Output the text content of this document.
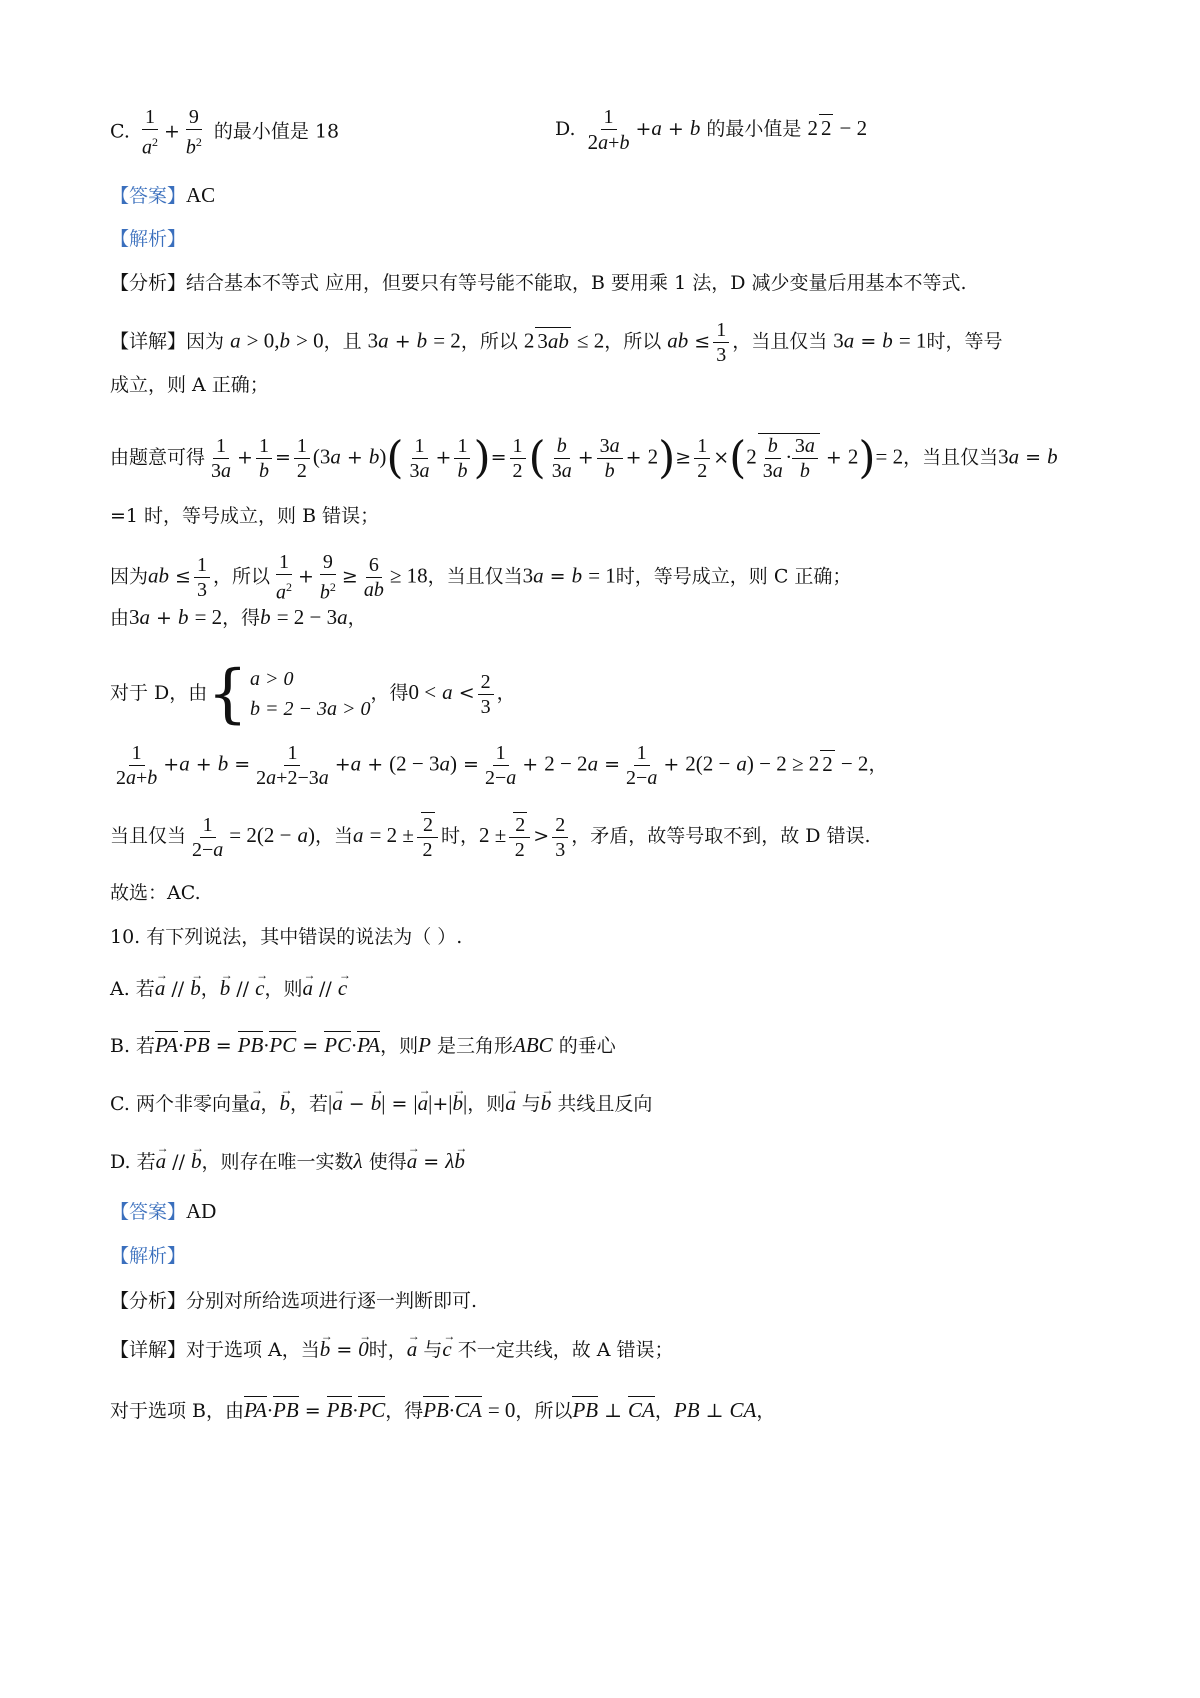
C. $\frac{1}{a^2} + \frac{9}{b^2}$ 的最小值是 18	D. $\frac{1}{2a+b} +a + b$ 的最小值是 2 2 − 2
【答案】AC
【解析】
【分析】结合基本不等式 应用，但要只有等号能不能取，B 要用乘 1 法，D 减少变量后用基本不等式.
【详解】因为 a > 0,b > 0，且 3a + b = 2，所以 2 3ab ≤ 2，所以 ab ≤ $\frac{1}{3}$ ，当且仅当 3a = b = 1时，等号
成立，则 A 正确；
由题意可得 $\frac{1}{3a} + \frac{1}{b} = \frac{1}{2} (3a + b)( \frac{1}{3a} + \frac{1}{b}$ )= $\frac{1}{2}$ ( $\frac{b}{3a} + \frac{3a}{b} + 2)\ge \frac{1}{2} \times(2 \frac{b}{3a} \cdot \frac{3a}{b} + 2)= 2$，当且仅当3a = b
=1 时，等号成立，则 B 错误；
因为ab ≤ $\frac{1}{3}$ ，所以 $\frac{1}{a^2} + \frac{9}{b^2} \ge \frac{6}{ab} \ge 18$，当且仅当3a = b = 1时，等号成立，则 C 正确；
由3a + b = 2，得b = 2 − 3a，
对于 D，由 { a > 0
b = 2 − 3a > 0
，得$0 < a < \frac{2}{3}$ ，
$\frac{1}{2a+b} +a + b = \frac{1}{2a+2-3a} +a + (2 - 3a) = \frac{1}{2-a} + 2 - 2a = \frac{1}{2-a} + 2(2 - a) - 2 \ge 2$ 2 − 2，
当且仅当 $\frac{1}{2-a} = 2(2 - a)$，当$a = 2 \pm \frac{2}{2}$ 时，$2 \pm \frac{2}{2} > \frac{2}{3}$ ，矛盾，故等号取不到，故 D 错误.
故选：AC.
10. 有下列说法，其中错误的说法为（ ）.
A. 若→ a // → b，→ b // → c，则→ a // → c
B. 若PA·PB = PB·PC = PC·PA，则P 是三角形ABC 的垂心
C. 两个非零向量→ a，→ b，若|→ a − → b| = |→ a|+|→ b|，则→ a 与→ b 共线且反向
D. 若→ a // → b，则存在唯一实数λ 使得→ a = λ→ b
【答案】AD
【解析】
【分析】分别对所给选项进行逐一判断即可.
【详解】对于选项 A，当→ b = → 0时，→ a 与→ c 不一定共线，故 A 错误；
对于选项 B，由PA·PB = PB·PC，得PB·CA = 0，所以PB ⊥ CA，PB ⊥ CA，
